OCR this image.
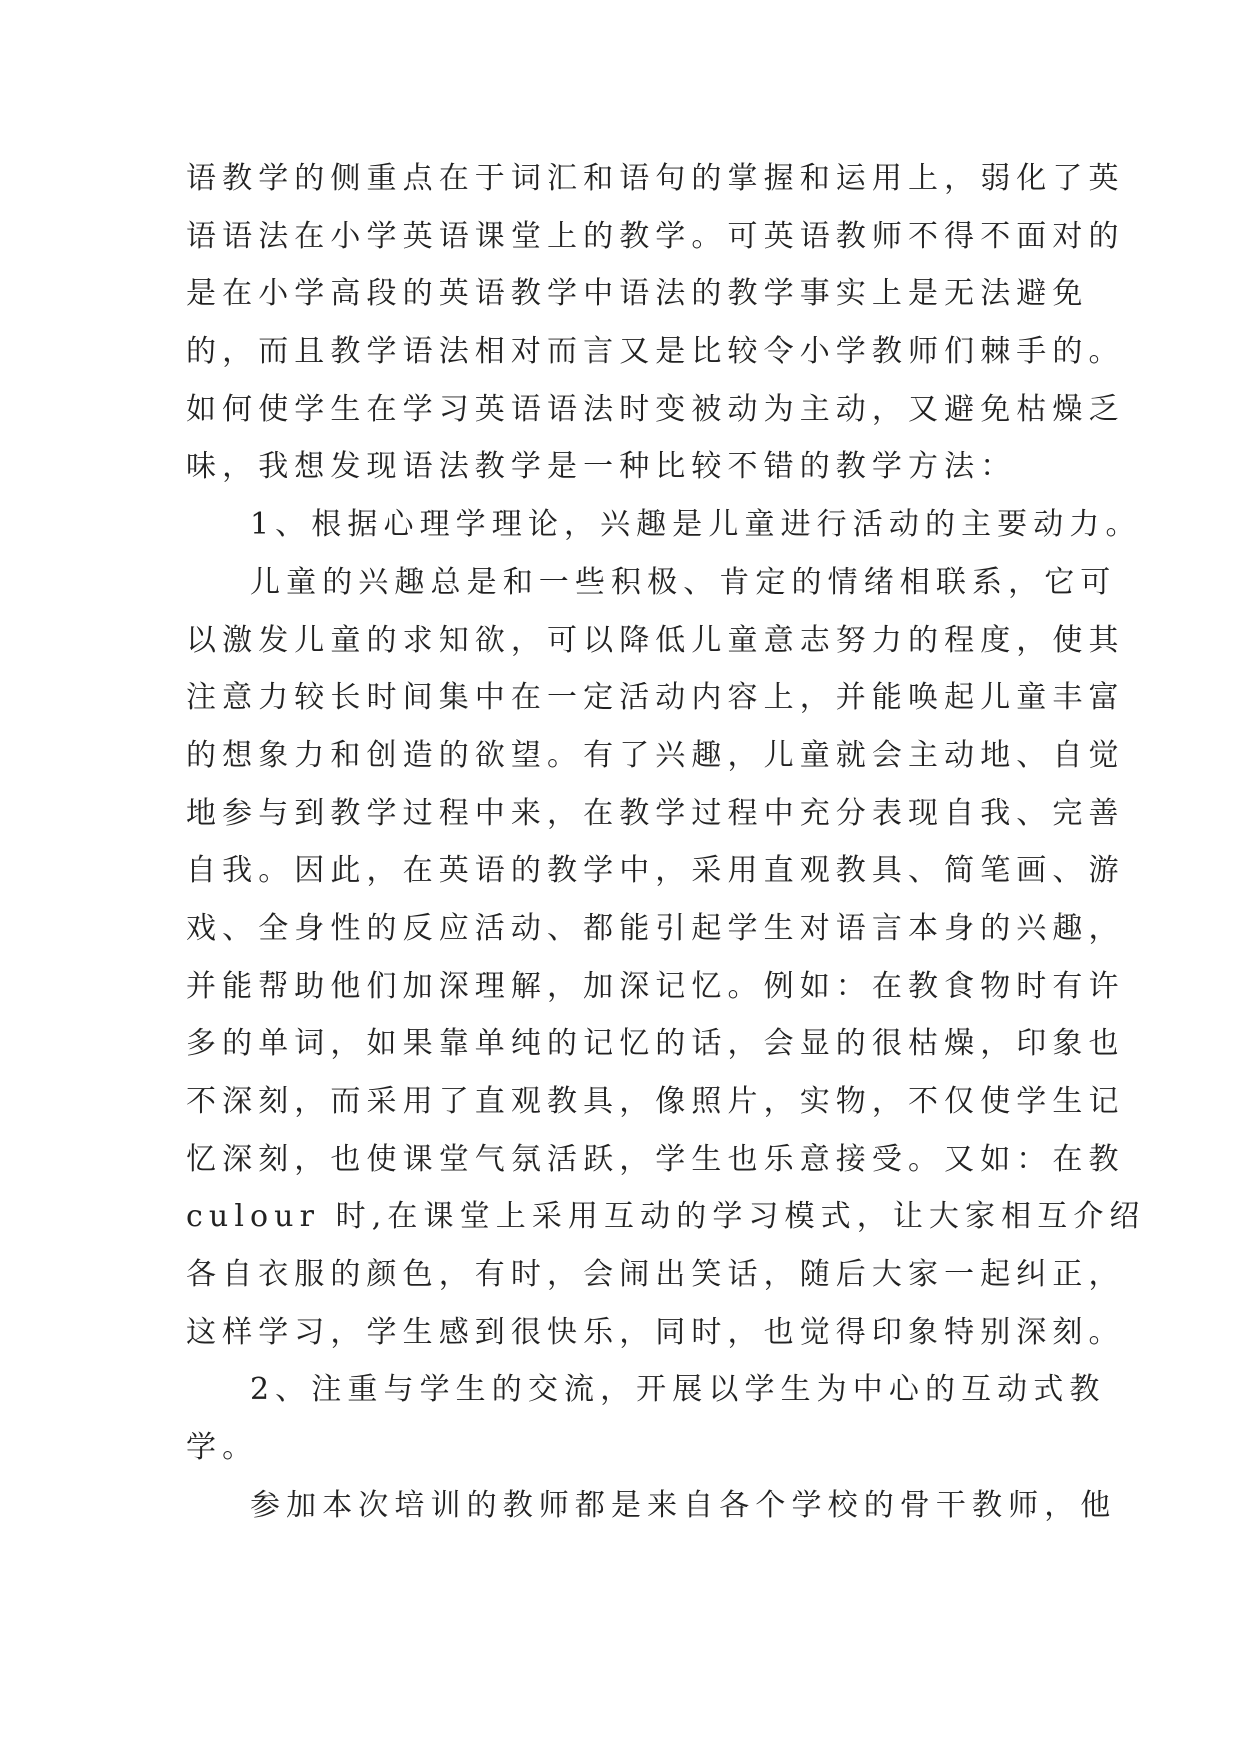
语教学的侧重点在于词汇和语句的掌握和运用上，弱化了英
语语法在小学英语课堂上的教学。可英语教师不得不面对的
是在小学高段的英语教学中语法的教学事实上是无法避免
的，而且教学语法相对而言又是比较令小学教师们棘手的。
如何使学生在学习英语语法时变被动为主动，又避免枯燥乏
味，我想发现语法教学是一种比较不错的教学方法：
1、根据心理学理论，兴趣是儿童进行活动的主要动力。
儿童的兴趣总是和一些积极、肯定的情绪相联系，它可
以激发儿童的求知欲，可以降低儿童意志努力的程度，使其
注意力较长时间集中在一定活动内容上，并能唤起儿童丰富
的想象力和创造的欲望。有了兴趣，儿童就会主动地、自觉
地参与到教学过程中来，在教学过程中充分表现自我、完善
自我。因此，在英语的教学中，采用直观教具、简笔画、游
戏、全身性的反应活动、都能引起学生对语言本身的兴趣，
并能帮助他们加深理解，加深记忆。例如：在教食物时有许
多的单词，如果靠单纯的记忆的话，会显的很枯燥，印象也
不深刻，而采用了直观教具，像照片，实物，不仅使学生记
忆深刻，也使课堂气氛活跃，学生也乐意接受。又如：在教
culour 时,在课堂上采用互动的学习模式，让大家相互介绍
各自衣服的颜色，有时，会闹出笑话，随后大家一起纠正，
这样学习，学生感到很快乐，同时，也觉得印象特别深刻。
2、注重与学生的交流，开展以学生为中心的互动式教
学。
参加本次培训的教师都是来自各个学校的骨干教师，他
